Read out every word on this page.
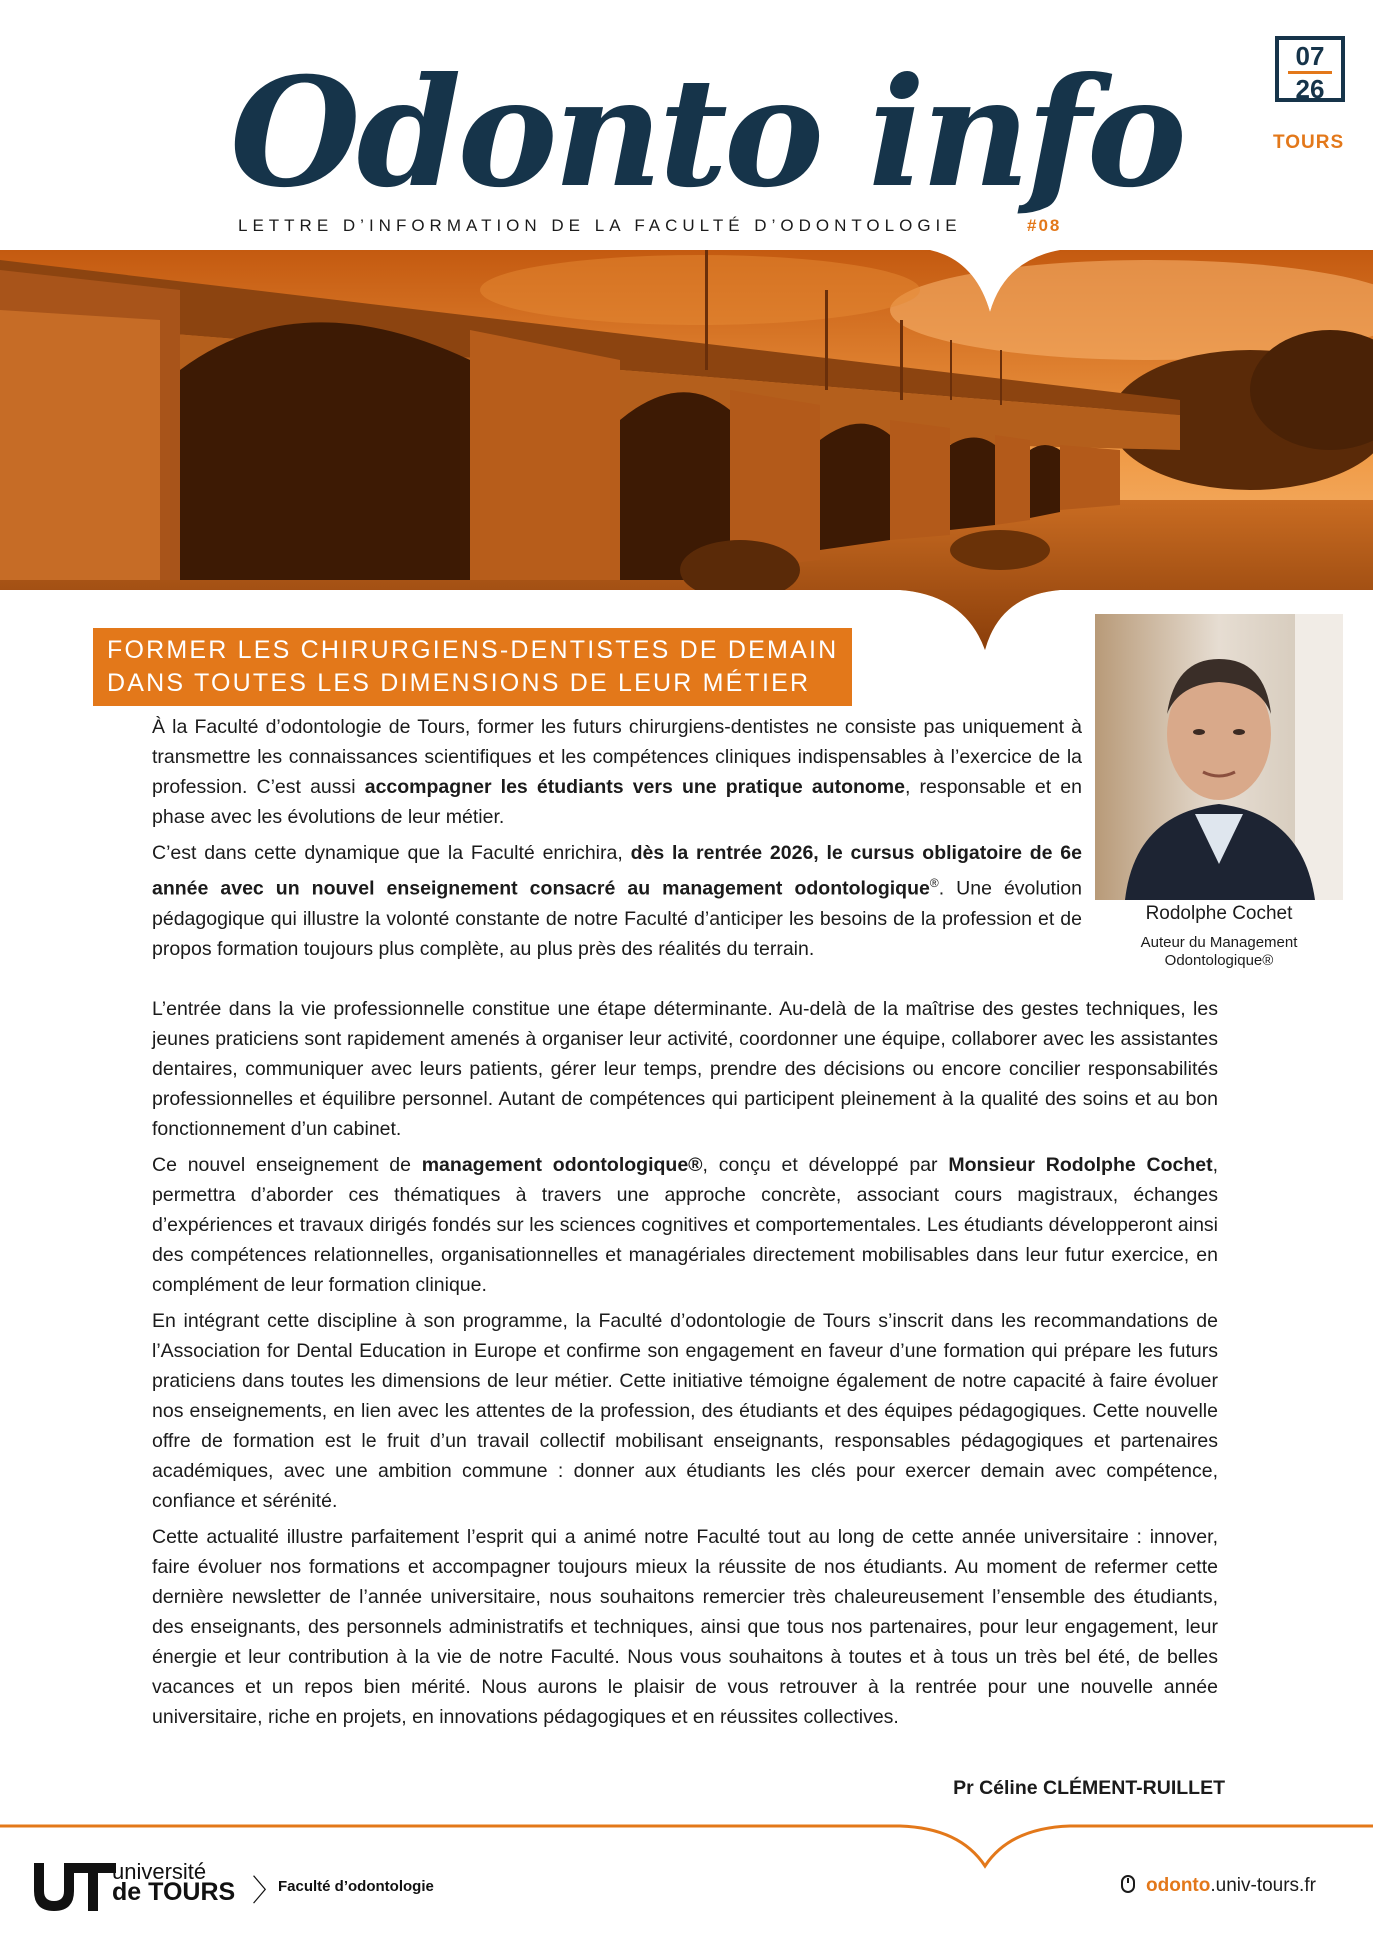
Odonto info
LETTRE D’INFORMATION DE LA FACULTÉ D’ODONTOLOGIE	#08
07
26
TOURS
FORMER LES CHIRURGIENS-DENTISTES DE DEMAIN
DANS TOUTES LES DIMENSIONS DE LEUR MÉTIER
Rodolphe Cochet
Auteur du Management
Odontologique®

À la Faculté d’odontologie de Tours, former les futurs chirurgiens-dentistes ne consiste pas uniquement à transmettre les connaissances scientifiques et les compétences cliniques indispensables à l’exercice de la profession. C’est aussi accompagner les étudiants vers une pratique autonome, responsable et en phase avec les évolutions de leur métier.

C’est dans cette dynamique que la Faculté enrichira, dès la rentrée 2026, le cursus obligatoire de 6e année avec un nouvel enseignement consacré au management odontologique®. Une évolution pédagogique qui illustre la volonté constante de notre Faculté d’anticiper les besoins de la profession et de propos formation toujours plus complète, au plus près des réalités du terrain.

L’entrée dans la vie professionnelle constitue une étape déterminante. Au-delà de la maîtrise des gestes techniques, les jeunes praticiens sont rapidement amenés à organiser leur activité, coordonner une équipe, collaborer avec les assistantes dentaires, communiquer avec leurs patients, gérer leur temps, prendre des décisions ou encore concilier responsabilités professionnelles et équilibre personnel. Autant de compétences qui participent pleinement à la qualité des soins et au bon fonctionnement d’un cabinet.

Ce nouvel enseignement de management odontologique®, conçu et développé par Monsieur Rodolphe Cochet, permettra d’aborder ces thématiques à travers une approche concrète, associant cours magistraux, échanges d’expériences et travaux dirigés fondés sur les sciences cognitives et comportementales. Les étudiants développeront ainsi des compétences relationnelles, organisationnelles et managériales directement mobilisables dans leur futur exercice, en complément de leur formation clinique.

En intégrant cette discipline à son programme, la Faculté d’odontologie de Tours s’inscrit dans les recommandations de l’Association for Dental Education in Europe et confirme son engagement en faveur d’une formation qui prépare les futurs praticiens dans toutes les dimensions de leur métier. Cette initiative témoigne également de notre capacité à faire évoluer nos enseignements, en lien avec les attentes de la profession, des étudiants et des équipes pédagogiques. Cette nouvelle offre de formation est le fruit d’un travail collectif mobilisant enseignants, responsables pédagogiques et partenaires académiques, avec une ambition commune : donner aux étudiants les clés pour exercer demain avec compétence, confiance et sérénité.

Cette actualité illustre parfaitement l’esprit qui a animé notre Faculté tout au long de cette année universitaire : innover, faire évoluer nos formations et accompagner toujours mieux la réussite de nos étudiants. Au moment de refermer cette dernière newsletter de l’année universitaire, nous souhaitons remercier très chaleureusement l’ensemble des étudiants, des enseignants, des personnels administratifs et techniques, ainsi que tous nos partenaires, pour leur engagement, leur énergie et leur contribution à la vie de notre Faculté. Nous vous souhaitons à toutes et à tous un très bel été, de belles vacances et un repos bien mérité. Nous aurons le plaisir de vous retrouver à la rentrée pour une nouvelle année universitaire, riche en projets, en innovations pédagogiques et en réussites collectives.

Pr Céline CLÉMENT-RUILLET
université
de TOURS 〉
Faculté d’odontologie	odonto.univ-tours.fr
